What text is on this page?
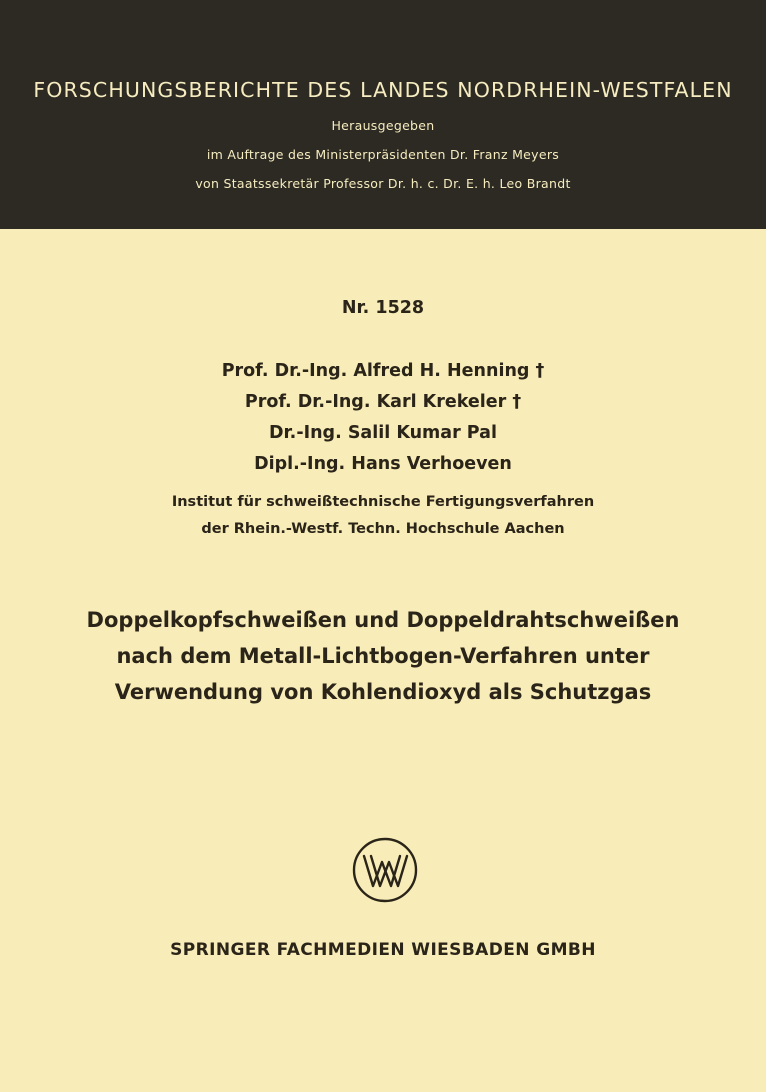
FORSCHUNGSBERICHTE DES LANDES NORDRHEIN-WESTFALEN
Herausgegeben
im Auftrage des Ministerpräsidenten Dr. Franz Meyers
von Staatssekretär Professor Dr. h. c. Dr. E. h. Leo Brandt
Nr. 1528
Prof. Dr.-Ing. Alfred H. Henning †
Prof. Dr.-Ing. Karl Krekeler †
Dr.-Ing. Salil Kumar Pal
Dipl.-Ing. Hans Verhoeven
Institut für schweißtechnische Fertigungsverfahren
der Rhein.-Westf. Techn. Hochschule Aachen
Doppelkopfschweißen und Doppeldrahtschweißen
nach dem Metall-Lichtbogen-Verfahren unter
Verwendung von Kohlendioxyd als Schutzgas
SPRINGER FACHMEDIEN WIESBADEN GMBH
